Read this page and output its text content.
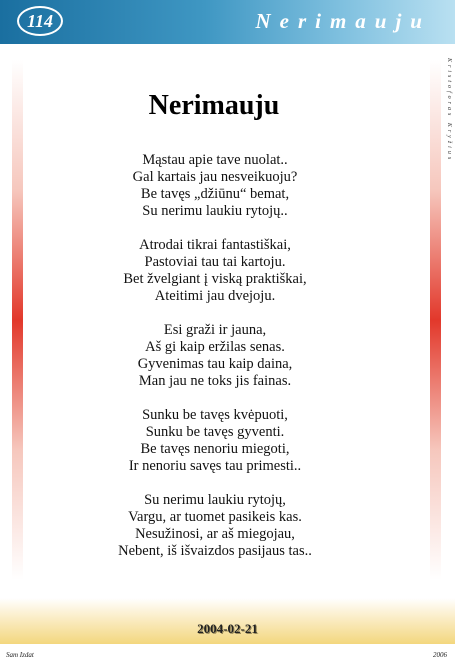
114	Nerimauju
Kristoforas Kryžius
Nerimauju
Mąstau apie tave nuolat..
Gal kartais jau nesveikuoju?
Be tavęs „džiūnu“ bemat,
Su nerimu laukiu rytojų..
Atrodai tikrai fantastiškai,
Pastoviai tau tai kartoju.
Bet žvelgiant į viską praktiškai,
Ateitimi jau dvejoju.
Esi graži ir jauna,
Aš gi kaip eržilas senas.
Gyvenimas tau kaip daina,
Man jau ne toks jis fainas.
Sunku be tavęs kvėpuoti,
Sunku be tavęs gyventi.
Be tavęs nenoriu miegoti,
Ir nenoriu savęs tau primesti..
Su nerimu laukiu rytojų,
Vargu, ar tuomet pasikeis kas.
Nesužinosi, ar aš miegojau,
Nebent, iš išvaizdos pasijaus tas..
2004-02-21
Sam Izdat	2006
